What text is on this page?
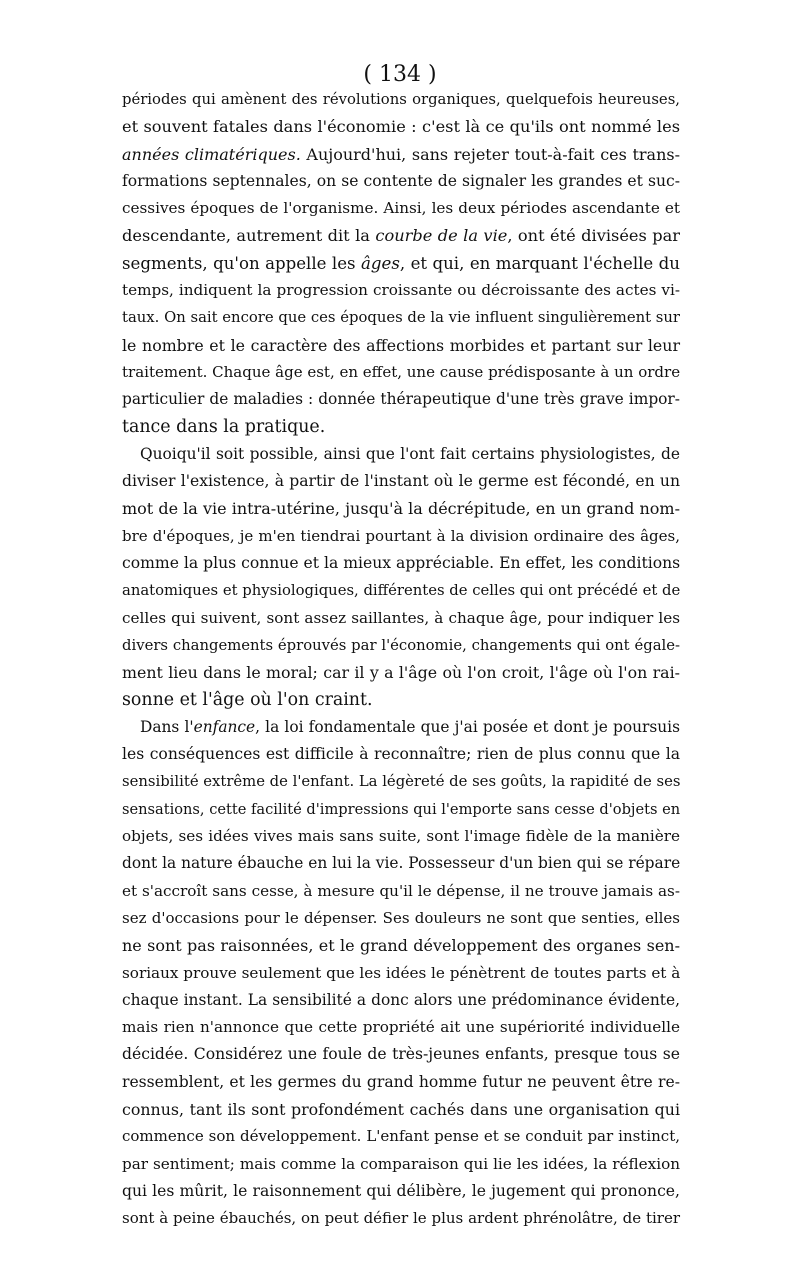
( 134 )
périodes qui amènent des révolutions organiques, quelquefois heureuses,
et souvent fatales dans l'économie : c'est là ce qu'ils ont nommé les
années climatériques. Aujourd'hui, sans rejeter tout-à-fait ces trans-
formations septennales, on se contente de signaler les grandes et suc-
cessives époques de l'organisme. Ainsi, les deux périodes ascendante et
descendante, autrement dit la courbe de la vie, ont été divisées par
segments, qu'on appelle les âges, et qui, en marquant l'échelle du
temps, indiquent la progression croissante ou décroissante des actes vi-
taux. On sait encore que ces époques de la vie influent singulièrement sur
le nombre et le caractère des affections morbides et partant sur leur
traitement. Chaque âge est, en effet, une cause prédisposante à un ordre
particulier de maladies : donnée thérapeutique d'une très grave impor-
tance dans la pratique.
Quoiqu'il soit possible, ainsi que l'ont fait certains physiologistes, de
diviser l'existence, à partir de l'instant où le germe est fécondé, en un
mot de la vie intra-utérine, jusqu'à la décrépitude, en un grand nom-
bre d'époques, je m'en tiendrai pourtant à la division ordinaire des âges,
comme la plus connue et la mieux appréciable. En effet, les conditions
anatomiques et physiologiques, différentes de celles qui ont précédé et de
celles qui suivent, sont assez saillantes, à chaque âge, pour indiquer les
divers changements éprouvés par l'économie, changements qui ont égale-
ment lieu dans le moral; car il y a l'âge où l'on croit, l'âge où l'on rai-
sonne et l'âge où l'on craint.
Dans l'enfance, la loi fondamentale que j'ai posée et dont je poursuis
les conséquences est difficile à reconnaître; rien de plus connu que la
sensibilité extrême de l'enfant. La légèreté de ses goûts, la rapidité de ses
sensations, cette facilité d'impressions qui l'emporte sans cesse d'objets en
objets, ses idées vives mais sans suite, sont l'image fidèle de la manière
dont la nature ébauche en lui la vie. Possesseur d'un bien qui se répare
et s'accroît sans cesse, à mesure qu'il le dépense, il ne trouve jamais as-
sez d'occasions pour le dépenser. Ses douleurs ne sont que senties, elles
ne sont pas raisonnées, et le grand développement des organes sen-
soriaux prouve seulement que les idées le pénètrent de toutes parts et à
chaque instant. La sensibilité a donc alors une prédominance évidente,
mais rien n'annonce que cette propriété ait une supériorité individuelle
décidée. Considérez une foule de très-jeunes enfants, presque tous se
ressemblent, et les germes du grand homme futur ne peuvent être re-
connus, tant ils sont profondément cachés dans une organisation qui
commence son développement. L'enfant pense et se conduit par instinct,
par sentiment; mais comme la comparaison qui lie les idées, la réflexion
qui les mûrit, le raisonnement qui délibère, le jugement qui prononce,
sont à peine ébauchés, on peut défier le plus ardent phrénolâtre, de tirer
